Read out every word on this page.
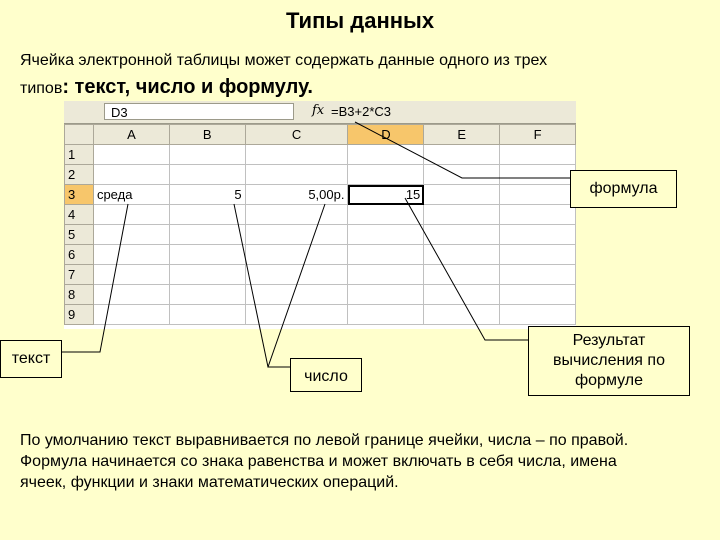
Типы данных
Ячейка электронной таблицы может содержать данные одного из трех
типов: текст, число и формулу.
D3	fx =B3+2*C3
	A	B	C	D	E	F
1						
2						
3	среда	5	5,00р.	15		
4						
5						
6						
7						
8						
9						
формула
текст
число
Результат вычисления по формуле
По умолчанию текст выравнивается по левой границе ячейки, числа – по правой.
Формула начинается со знака равенства и может включать в себя числа, имена
ячеек, функции и знаки математических операций.
